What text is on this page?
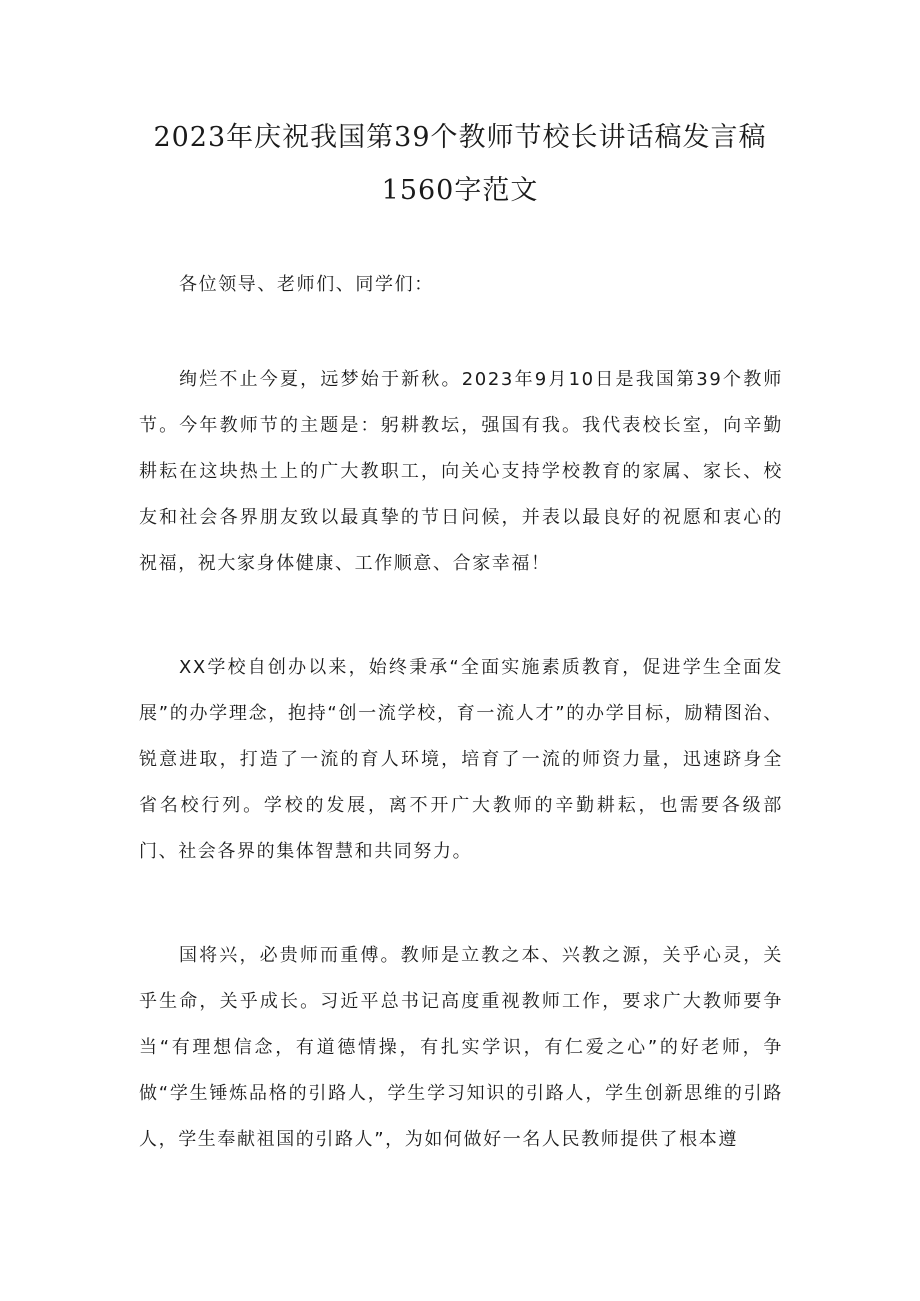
2023年庆祝我国第39个教师节校长讲话稿发言稿
1560字范文

各位领导、老师们、同学们：

绚烂不止今夏，远梦始于新秋。2023年9月10日是我国第39个教师节。今年教师节的主题是：躬耕教坛，强国有我。我代表校长室，向辛勤耕耘在这块热土上的广大教职工，向关心支持学校教育的家属、家长、校友和社会各界朋友致以最真挚的节日问候，并表以最良好的祝愿和衷心的祝福，祝大家身体健康、工作顺意、合家幸福！

XX学校自创办以来，始终秉承“全面实施素质教育，促进学生全面发展”的办学理念，抱持“创一流学校，育一流人才”的办学目标，励精图治、锐意进取，打造了一流的育人环境，培育了一流的师资力量，迅速跻身全省名校行列。学校的发展，离不开广大教师的辛勤耕耘，也需要各级部门、社会各界的集体智慧和共同努力。

国将兴，必贵师而重傅。教师是立教之本、兴教之源，关乎心灵，关乎生命，关乎成长。习近平总书记高度重视教师工作，要求广大教师要争当“有理想信念，有道德情操，有扎实学识，有仁爱之心”的好老师，争做“学生锤炼品格的引路人，学生学习知识的引路人，学生创新思维的引路人，学生奉献祖国的引路人”，为如何做好一名人民教师提供了根本遵
